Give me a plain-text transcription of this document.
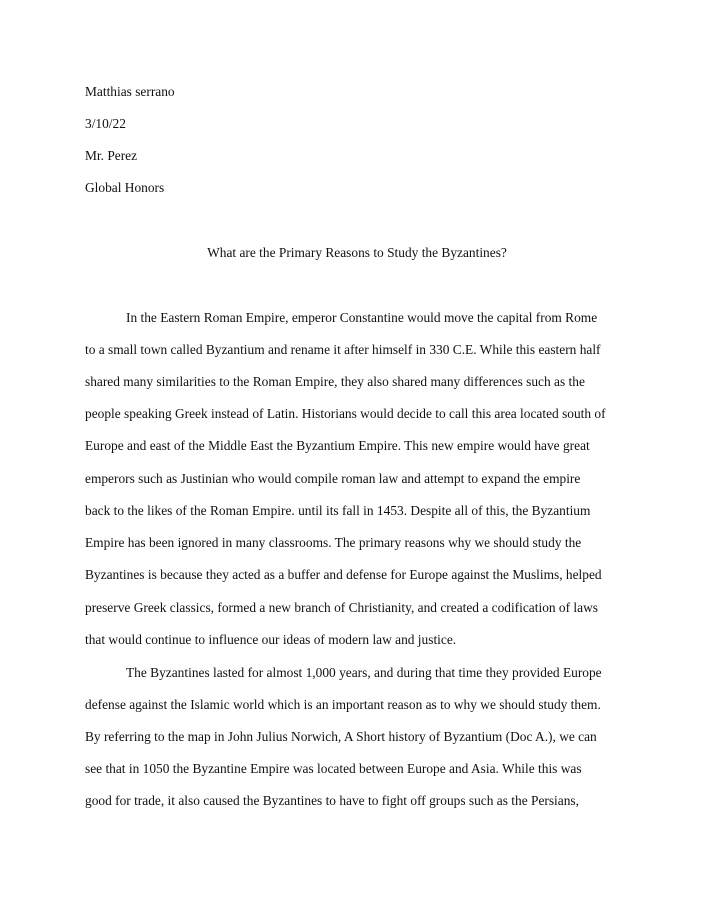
Matthias serrano
3/10/22
Mr. Perez
Global Honors
What are the Primary Reasons to Study the Byzantines?
In the Eastern Roman Empire, emperor Constantine would move the capital from Rome
to a small town called Byzantium and rename it after himself in 330 C.E. While this eastern half
shared many similarities to the Roman Empire, they also shared many differences such as the
people speaking Greek instead of Latin. Historians would decide to call this area located south of
Europe and east of the Middle East the Byzantium Empire. This new empire would have great
emperors such as Justinian who would compile roman law and attempt to expand the empire
back to the likes of the Roman Empire. until its fall in 1453. Despite all of this, the Byzantium
Empire has been ignored in many classrooms. The primary reasons why we should study the
Byzantines is because they acted as a buffer and defense for Europe against the Muslims, helped
preserve Greek classics, formed a new branch of Christianity, and created a codification of laws
that would continue to influence our ideas of modern law and justice.
The Byzantines lasted for almost 1,000 years, and during that time they provided Europe
defense against the Islamic world which is an important reason as to why we should study them.
By referring to the map in John Julius Norwich, A Short history of Byzantium (Doc A.), we can
see that in 1050 the Byzantine Empire was located between Europe and Asia. While this was
good for trade, it also caused the Byzantines to have to fight off groups such as the Persians,
